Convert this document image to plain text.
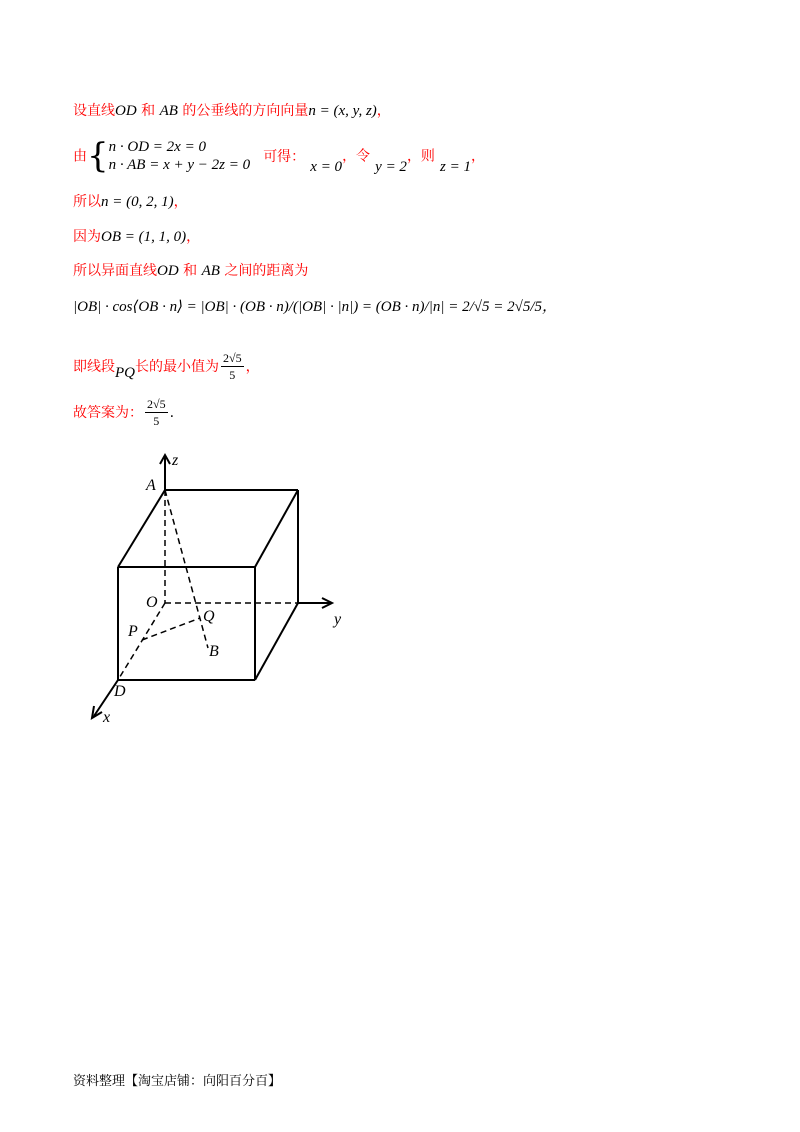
设直线OD 和 AB 的公垂线的方向向量n = (x, y, z)，
由{ n · OD = 2x = 0
n · AB = x + y − 2z = 0
可得： x = 0，令 y = 2，则 z = 1，
所以n = (0, 2, 1)，
因为OB = (1, 1, 0)，
所以异面直线OD 和 AB 之间的距离为
|OB| · cos⟨OB · n⟩ = |OB| · (OB · n)/(|OB| · |n|) = (OB · n)/|n| = 2/√5 = 2√5/5，
即线段PQ长的最小值为 $\frac{2√5}{5}$ ，
故答案为： $\frac{2√5}{5}$ .
A
O
P
Q
B
D
x
y
z
资料整理【淘宝店铺：向阳百分百】
